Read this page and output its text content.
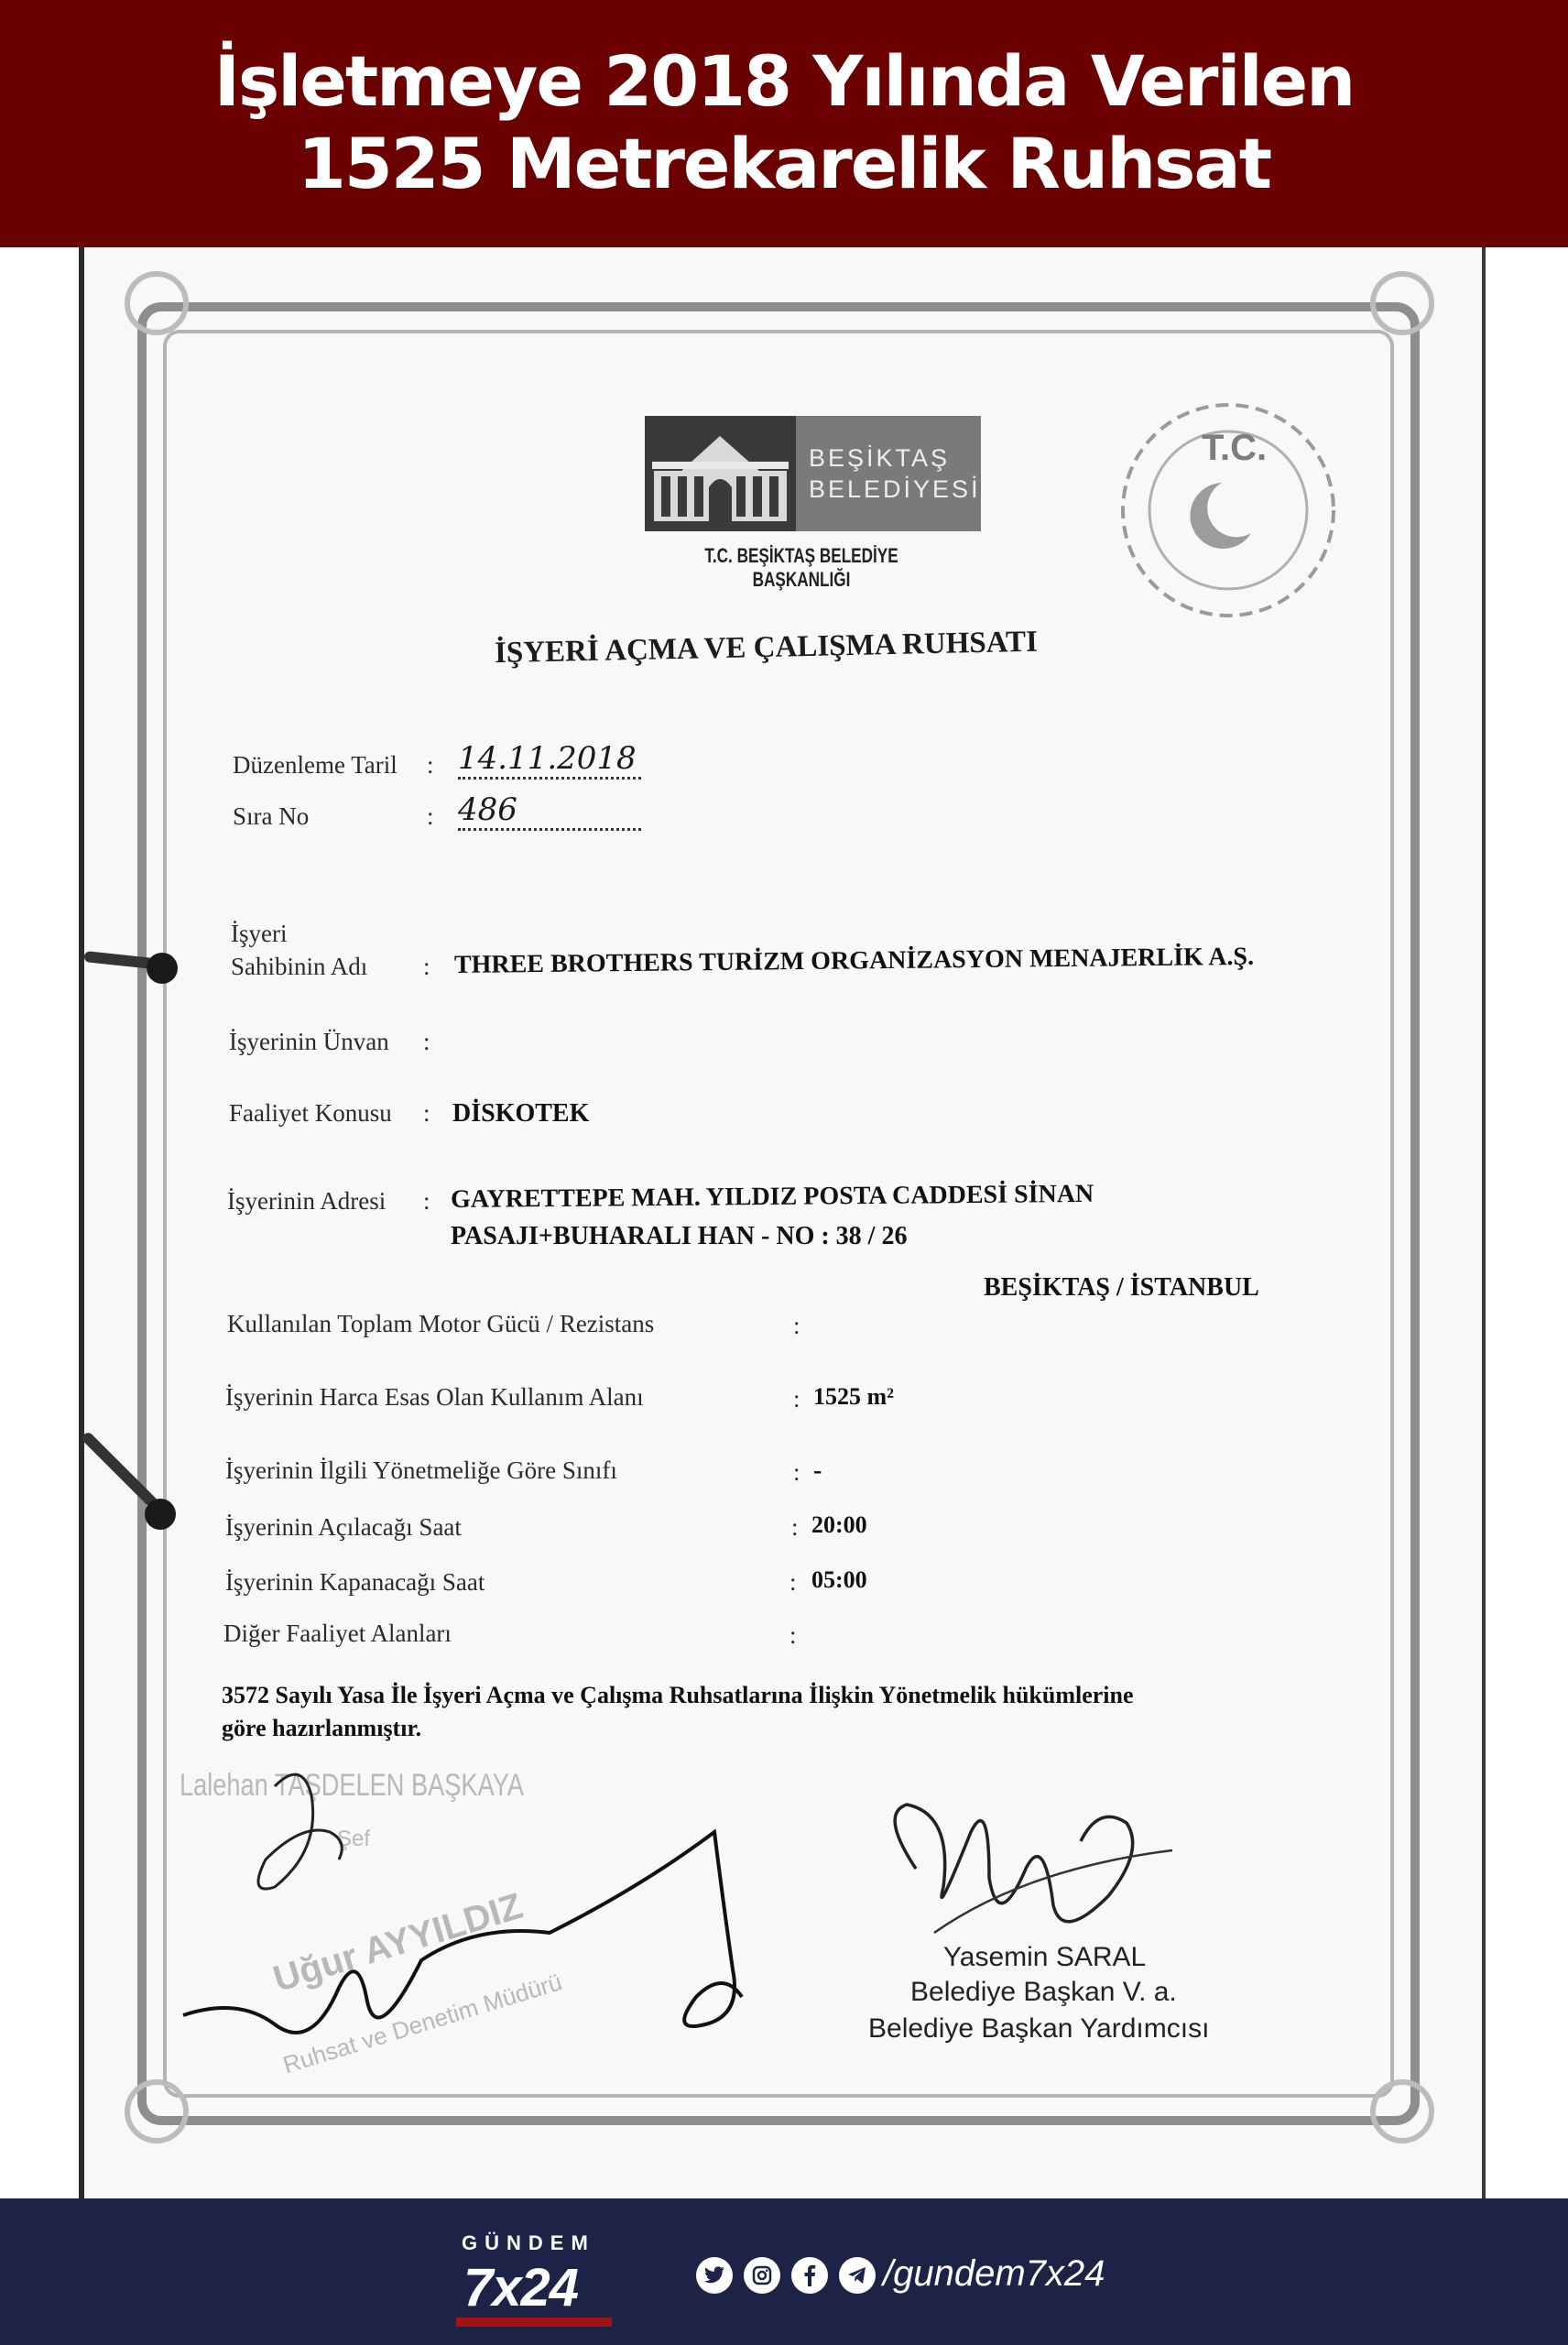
İşletmeye 2018 Yılında Verilen
1525 Metrekarelik Ruhsat
BEŞİKTAŞ
BELEDİYESİ
T.C. BEŞİKTAŞ BELEDİYE BAŞKANLIĞI
T.C.
İŞYERİ AÇMA VE ÇALIŞMA RUHSATI
Düzenleme Taril : 14.11.2018
Sıra No	: 486
İşyeri
Sahibinin Adı : THREE BROTHERS TURİZM ORGANİZASYON MENAJERLİK A.Ş.
İşyerinin Ünvan :
Faaliyet Konusu : DİSKOTEK
İşyerinin Adresi : GAYRETTEPE MAH. YILDIZ POSTA CADDESİ SİNAN
PASAJI+BUHARALI HAN - NO : 38 / 26
BEŞİKTAŞ / İSTANBUL
Kullanılan Toplam Motor Gücü / Rezistans	:
İşyerinin Harca Esas Olan Kullanım Alanı	: 1525 m²
İşyerinin İlgili Yönetmeliğe Göre Sınıfı	: -
İşyerinin Açılacağı Saat	: 20:00
İşyerinin Kapanacağı Saat	: 05:00
Diğer Faaliyet Alanları	:
3572 Sayılı Yasa İle İşyeri Açma ve Çalışma Ruhsatlarına İlişkin Yönetmelik hükümlerine
göre hazırlanmıştır.
Lalehan TAŞDELEN BAŞKAYA
Şef
Uğur AYYILDIZ
Ruhsat ve Denetim Müdürü
Yasemin SARAL
Belediye Başkan V. a.
Belediye Başkan Yardımcısı
GÜNDEM
7x24	/gundem7x24
